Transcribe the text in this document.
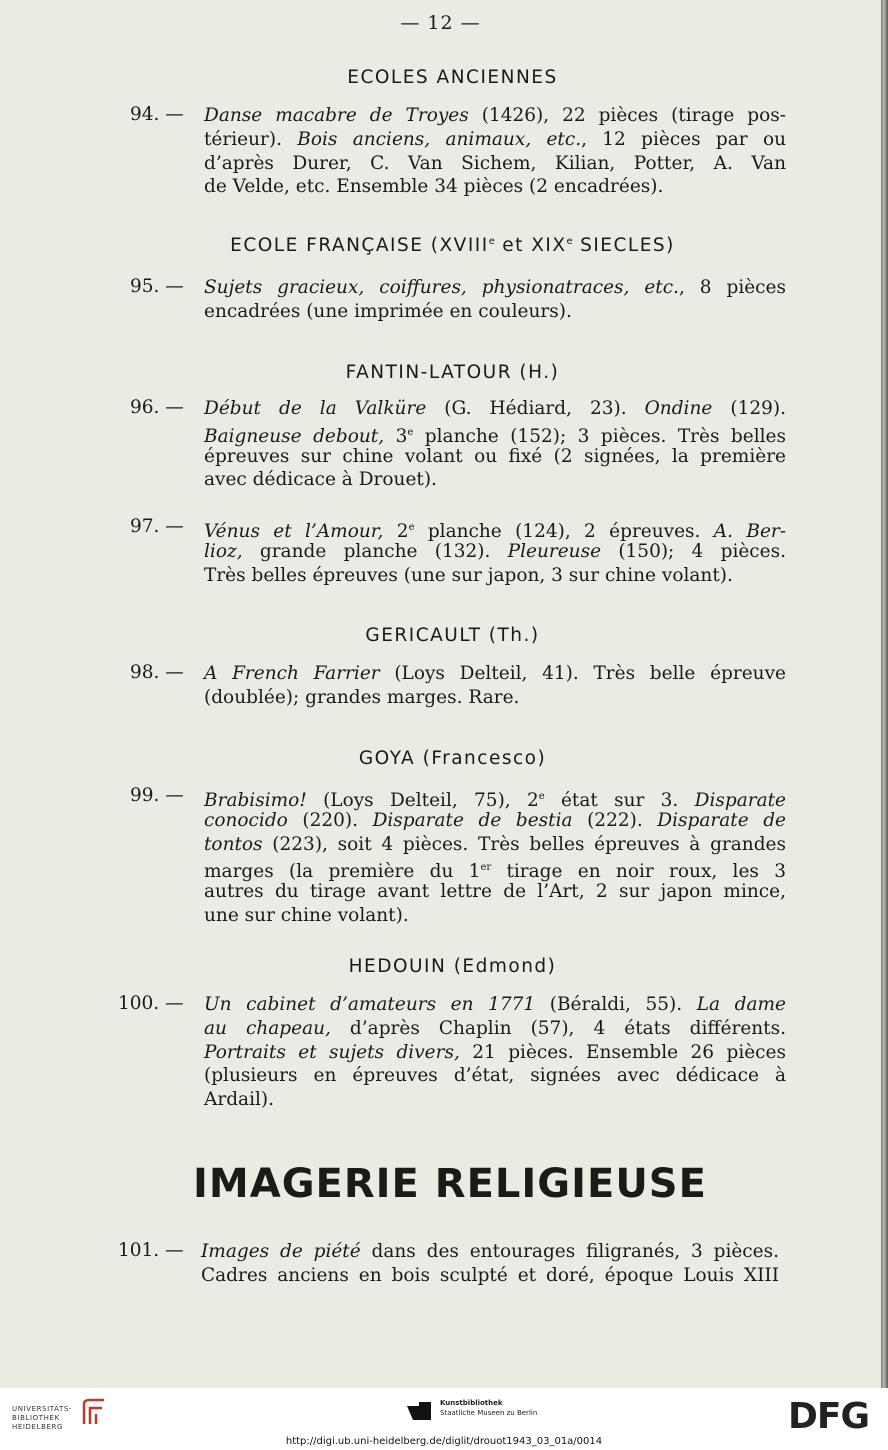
— 12 —
ECOLES ANCIENNES
94. — Danse macabre de Troyes (1426), 22 pièces (tirage pos-
térieur). Bois anciens, animaux, etc., 12 pièces par ou
d’après Durer, C. Van Sichem, Kilian, Potter, A. Van
de Velde, etc. Ensemble 34 pièces (2 encadrées).
ECOLE FRANÇAISE (XVIIIe et XIXe SIECLES)
95. — Sujets gracieux, coiffures, physionatraces, etc., 8 pièces
encadrées (une imprimée en couleurs).
FANTIN-LATOUR (H.)
96. — Début de la Valküre (G. Hédiard, 23). Ondine (129).
Baigneuse debout, 3e planche (152); 3 pièces. Très belles
épreuves sur chine volant ou fixé (2 signées, la première
avec dédicace à Drouet).
97. — Vénus et l’Amour, 2e planche (124), 2 épreuves. A. Ber-
lioz, grande planche (132). Pleureuse (150); 4 pièces.
Très belles épreuves (une sur japon, 3 sur chine volant).
GERICAULT (Th.)
98. — A French Farrier (Loys Delteil, 41). Très belle épreuve
(doublée); grandes marges. Rare.
GOYA (Francesco)
99. — Brabisimo! (Loys Delteil, 75), 2e état sur 3. Disparate
conocido (220). Disparate de bestia (222). Disparate de
tontos (223), soit 4 pièces. Très belles épreuves à grandes
marges (la première du 1er tirage en noir roux, les 3
autres du tirage avant lettre de l’Art, 2 sur japon mince,
une sur chine volant).
HEDOUIN (Edmond)
100. — Un cabinet d’amateurs en 1771 (Béraldi, 55). La dame
au chapeau, d’après Chaplin (57), 4 états différents.
Portraits et sujets divers, 21 pièces. Ensemble 26 pièces
(plusieurs en épreuves d’état, signées avec dédicace à
Ardail).
IMAGERIE RELIGIEUSE
101. — Images de piété dans des entourages filigranés, 3 pièces.
Cadres anciens en bois sculpté et doré, époque Louis XIII
UNIVERSITÄTS-
BIBLIOTHEK
HEIDELBERG
Kunstbibliothek
Staatliche Museen zu Berlin	DFG
http://digi.ub.uni-heidelberg.de/diglit/drouot1943_03_01a/0014
